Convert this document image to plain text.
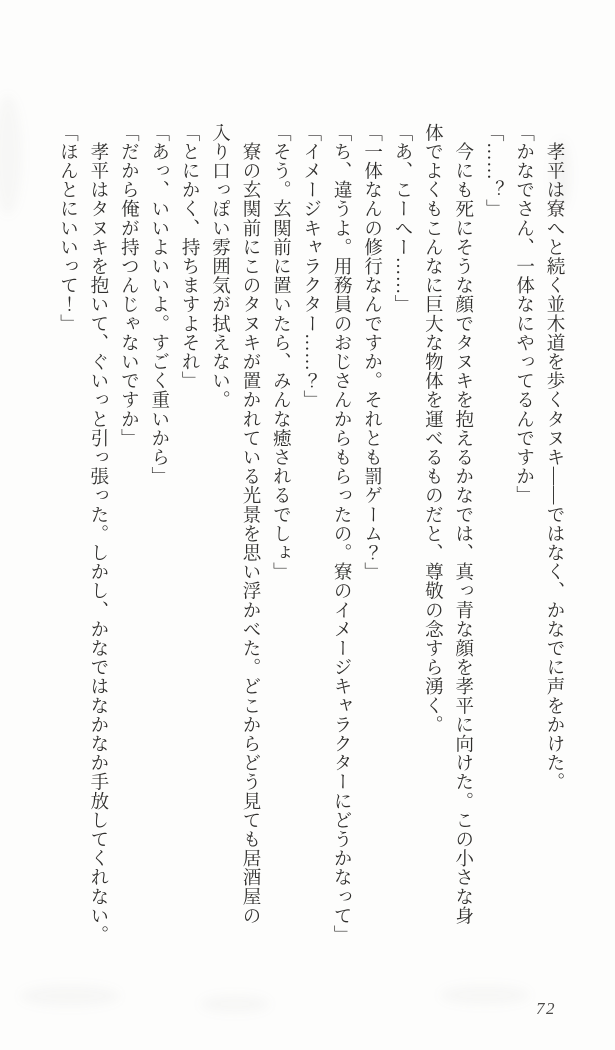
　孝平は寮へと続く並木道を歩くタヌキ――ではなく、かなでに声をかけた。

「かなでさん、一体なにやってるんですか」

「……？」

　今にも死にそうな顔でタヌキを抱えるかなでは、真っ青な顔を孝平に向けた。この小さな身

体でよくもこんなに巨大な物体を運べるものだと、尊敬の念すら湧く。

「あ、こーへー……」

「一体なんの修行なんですか。それとも罰ゲーム？」

「ち、違うよ。用務員のおじさんからもらったの。寮のイメージキャラクターにどうかなって」

「イメージキャラクター……？」

「そう。玄関前に置いたら、みんな癒されるでしょ」

　寮の玄関前にこのタヌキが置かれている光景を思い浮かべた。どこからどう見ても居酒屋の

入り口っぽい雰囲気が拭えない。

「とにかく、持ちますよそれ」

「あっ、いいよいいよ。すごく重いから」

「だから俺が持つんじゃないですか」

　孝平はタヌキを抱いて、ぐいっと引っ張った。しかし、かなではなかなか手放してくれない。

「ほんとにいいって！」

72
